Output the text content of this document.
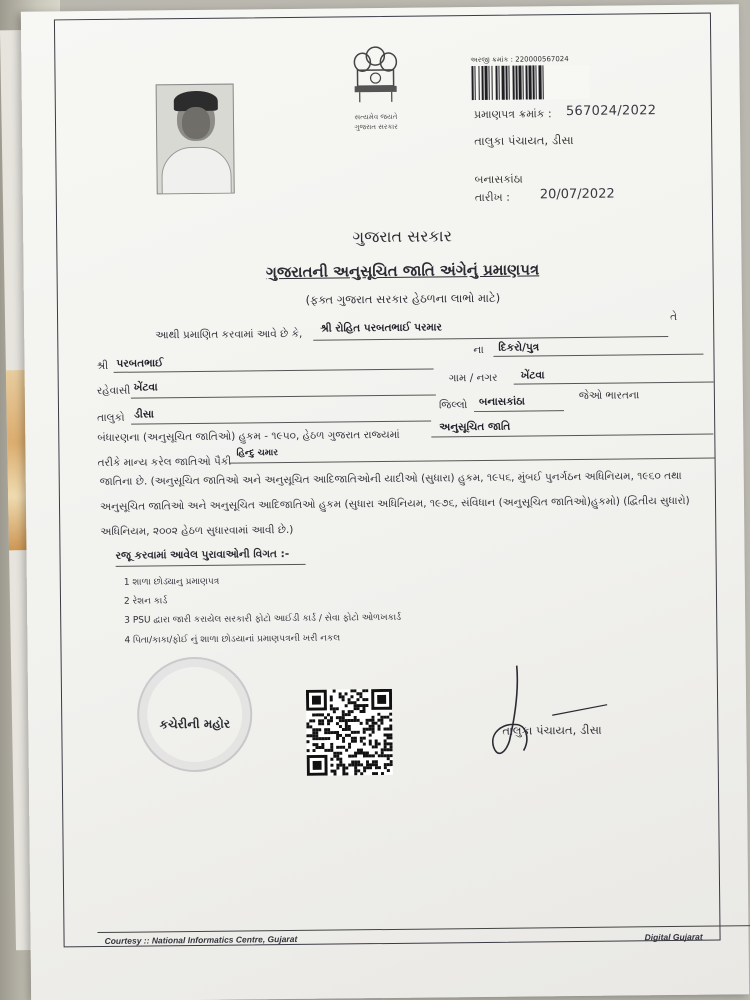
સત્યમેવ જયતે
ગુજરાત સરકાર
અરજી ક્રમાંક : 220000567024
પ્રમાણપત્ર ક્રમાંક : 567024/2022
તાલુકા પંચાયત, ડીસા
બનાસકાંઠા
તારીખ : 20/07/2022
ગુજરાત સરકાર
ગુજરાતની અનુસૂચિત જાતિ અંગેનું પ્રમાણપત્ર
(ફક્ત ગુજરાત સરકાર હેઠળના લાભો માટે)
આથી પ્રમાણિત કરવામાં આવે છે કે, શ્રી રોહિત પરબતભાઈ પરમાર
તે
શ્રી પરબતભાઈ
ના દિકરો/પુત્ર
રહેવાસી ખેંટવા
ગામ / નગર ખેંટવા
તાલુકો ડીસા
જિલ્લો બનાસકાંઠા	જેઓ ભારતના
બંધારણના (અનુસૂચિત જાતિઓ) હુકમ - ૧૯૫૦, હેઠળ ગુજરાત રાજ્યમાં
અનુસૂચિત જાતિ
તરીકે માન્ય કરેલ જાતિઓ પૈકી
હિન્દુ ચમાર
જાતિના છે. (અનુસૂચિત જાતિઓ અને અનુસૂચિત આદિજાતિઓની યાદીઓ (સુધારા) હુકમ, ૧૯૫૬, મુંબઈ પુનર્ગઠન અધિનિયમ, ૧૯૬૦ તથા અનુસૂચિત જાતિઓ અને અનુસૂચિત આદિજાતિઓ હુકમ (સુધારા અધિનિયમ, ૧૯૭૬, સંવિધાન (અનુસૂચિત જાતિઓ)હુકમો) (દ્વિતીય સુધારો) અધિનિયમ, ૨૦૦૨ હેઠળ સુધારવામાં આવી છે.)
રજૂ કરવામાં આવેલ પુરાવાઓની વિગત :-
1 શાળા છોડ્યાનુ પ્રમાણપત્ર
2 રેશન કાર્ડ
3 PSU દ્વારા જારી કરાયેલ સરકારી ફોટો આઈડી કાર્ડ / સેવા ફોટો ઓળખકાર્ડ
4 પિતા/કાકા/ફોઈ નું શાળા છોડયાનાં પ્રમાણપત્રની ખરી નકલ
કચેરીની મહોર	તાલુકા પંચાયત, ડીસા
Courtesy :: National Informatics Centre, Gujarat	Digital Gujarat
